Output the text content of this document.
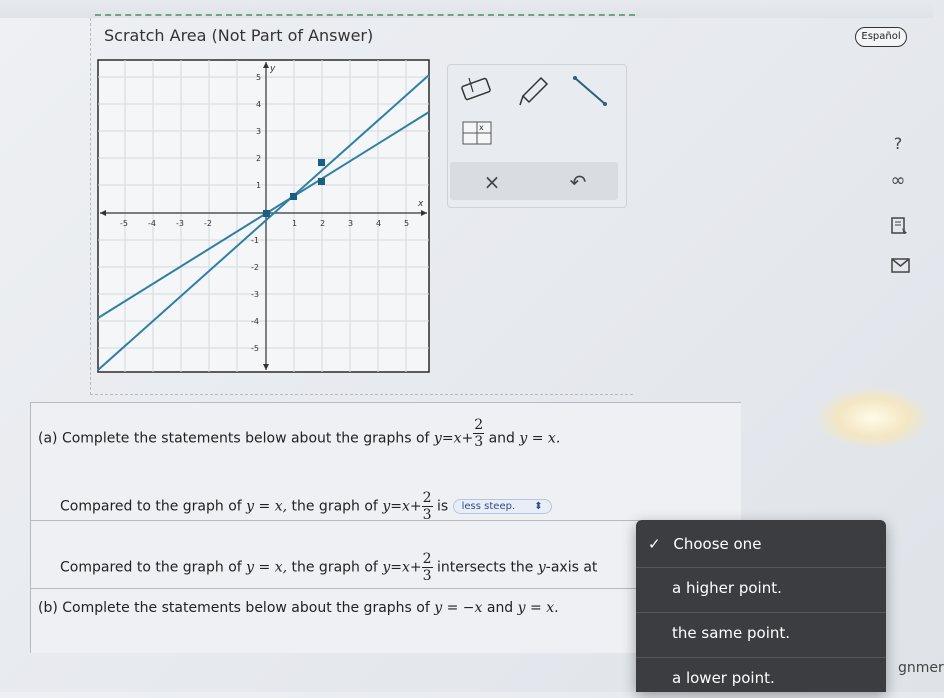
Scratch Area (Not Part of Answer)	Español
x
y
-5	-4	-3	-2	1	2	3	4	5
5
4
3
2
1
-1
-2
-3
-4
-5
x
×	↶
?
∞
(a) Complete the statements below about the graphs of $y=x+ \frac{2}{3}$ and y = x.
Compared to the graph of y = x, the graph of $y=x+ \frac{2}{3}$ is less steep. ⬍
Compared to the graph of y = x, the graph of $y=x+ \frac{2}{3}$ intersects the y-axis at
(b) Complete the statements below about the graphs of y = −x and y = x.
✓ Choose one
a higher point.
the same point.
a lower point.
gnmer
